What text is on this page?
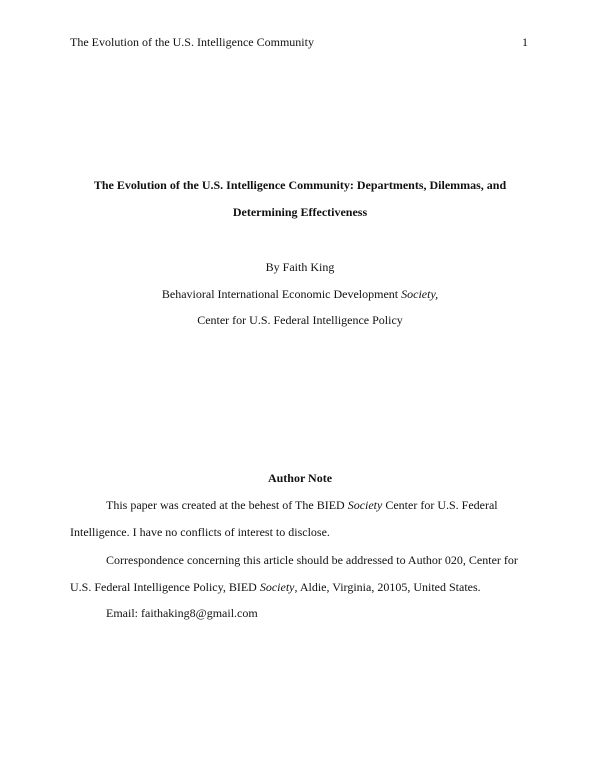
The Evolution of the U.S. Intelligence Community	1
The Evolution of the U.S. Intelligence Community: Departments, Dilemmas, and
Determining Effectiveness
By Faith King
Behavioral International Economic Development Society,
Center for U.S. Federal Intelligence Policy
Author Note
This paper was created at the behest of The BIED Society Center for U.S. Federal
Intelligence. I have no conflicts of interest to disclose.
Correspondence concerning this article should be addressed to Author 020, Center for
U.S. Federal Intelligence Policy, BIED Society, Aldie, Virginia, 20105, United States.
Email: faithaking8@gmail.com
